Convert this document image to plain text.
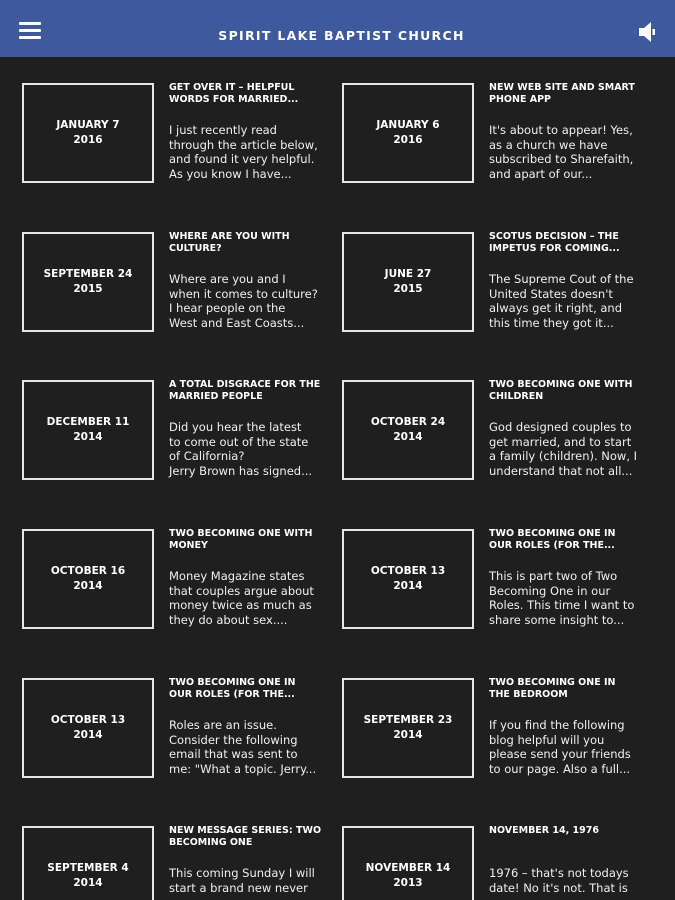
SPIRIT LAKE BAPTIST CHURCH
JANUARY 7
2016
GET OVER IT – HELPFUL
WORDS FOR MARRIED...
I just recently read
through the article below,
and found it very helpful.
As you know I have...
JANUARY 6
2016
NEW WEB SITE AND SMART
PHONE APP
It's about to appear! Yes,
as a church we have
subscribed to Sharefaith,
and apart of our...
SEPTEMBER 24
2015
WHERE ARE YOU WITH
CULTURE?
Where are you and I
when it comes to culture?
I hear people on the
West and East Coasts...
JUNE 27
2015
SCOTUS DECISION – THE
IMPETUS FOR COMING...
The Supreme Cout of the
United States doesn't
always get it right, and
this time they got it...
DECEMBER 11
2014
A TOTAL DISGRACE FOR THE
MARRIED PEOPLE
Did you hear the latest
to come out of the state
of California?
Jerry Brown has signed...
OCTOBER 24
2014
TWO BECOMING ONE WITH
CHILDREN
God designed couples to
get married, and to start
a family (children). Now, I
understand that not all...
OCTOBER 16
2014
TWO BECOMING ONE WITH
MONEY
Money Magazine states
that couples argue about
money twice as much as
they do about sex....
OCTOBER 13
2014
TWO BECOMING ONE IN
OUR ROLES (FOR THE...
This is part two of Two
Becoming One in our
Roles. This time I want to
share some insight to...
OCTOBER 13
2014
TWO BECOMING ONE IN
OUR ROLES (FOR THE...
Roles are an issue.
Consider the following
email that was sent to
me: "What a topic. Jerry...
SEPTEMBER 23
2014
TWO BECOMING ONE IN
THE BEDROOM
If you find the following
blog helpful will you
please send your friends
to our page. Also a full...
SEPTEMBER 4
2014
NEW MESSAGE SERIES: TWO
BECOMING ONE
This coming Sunday I will
start a brand new never
NOVEMBER 14
2013
NOVEMBER 14, 1976
1976 – that's not todays
date! No it's not. That is
